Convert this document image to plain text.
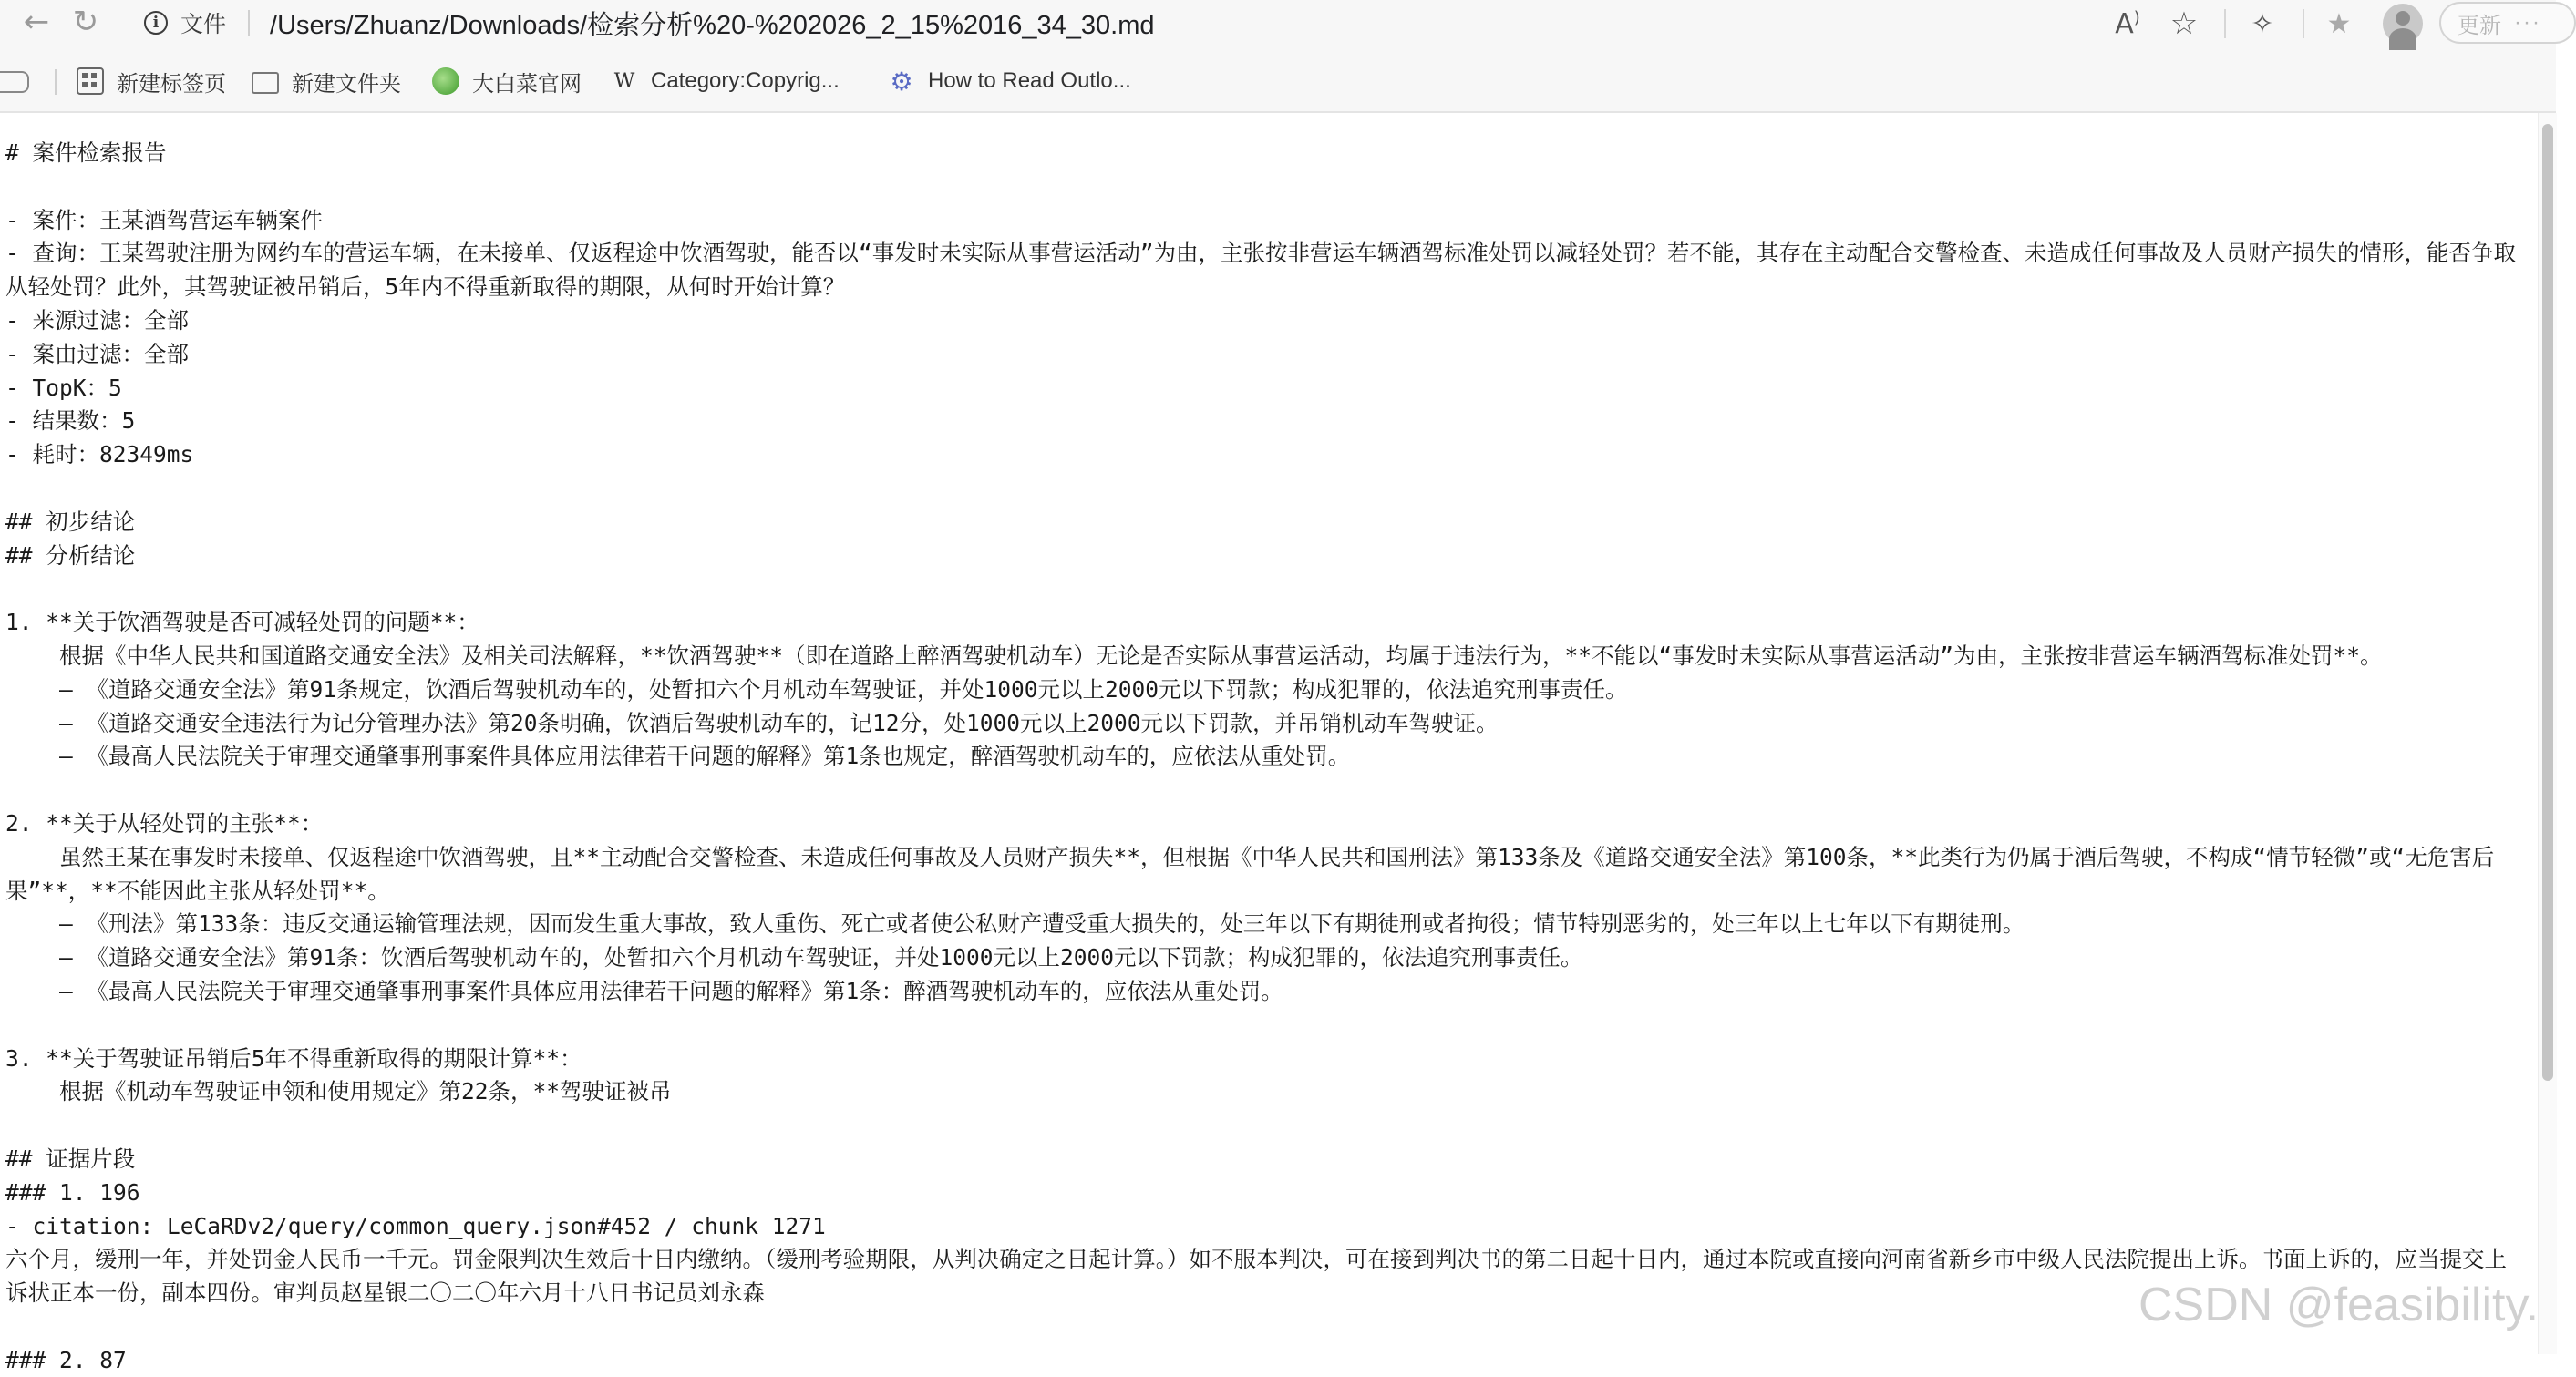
← ↻	i 文件 /Users/Zhuanz/Downloads/检索分析%20-%202026_2_15%2016_34_30.md	A ) ☆	✧	★	更新 ···
新建标签页	新建文件夹	大白菜官网 W Category:Copyrig... ⚙ How to Read Outlo...
# 案件检索报告
- 案件：王某酒驾营运车辆案件
- 查询：王某驾驶注册为网约车的营运车辆，在未接单、仅返程途中饮酒驾驶，能否以“事发时未实际从事营运活动”为由，主张按非营运车辆酒驾标准处罚以减轻处罚？若不能，其存在主动配合交警检查、未造成任何事故及人员财产损失的情形，能否争取从轻处罚？此外，其驾驶证被吊销后，5年内不得重新取得的期限，从何时开始计算？
- 来源过滤：全部
- 案由过滤：全部
- TopK：5
- 结果数：5
- 耗时：82349ms
## 初步结论
## 分析结论
1. **关于饮酒驾驶是否可减轻处罚的问题**：
根据《中华人民共和国道路交通安全法》及相关司法解释，**饮酒驾驶**（即在道路上醉酒驾驶机动车）无论是否实际从事营运活动，均属于违法行为，**不能以“事发时未实际从事营运活动”为由，主张按非营运车辆酒驾标准处罚**。
– 《道路交通安全法》第91条规定，饮酒后驾驶机动车的，处暂扣六个月机动车驾驶证，并处1000元以上2000元以下罚款；构成犯罪的，依法追究刑事责任。
– 《道路交通安全违法行为记分管理办法》第20条明确，饮酒后驾驶机动车的，记12分，处1000元以上2000元以下罚款，并吊销机动车驾驶证。
– 《最高人民法院关于审理交通肇事刑事案件具体应用法律若干问题的解释》第1条也规定，醉酒驾驶机动车的，应依法从重处罚。
2. **关于从轻处罚的主张**：
虽然王某在事发时未接单、仅返程途中饮酒驾驶，且**主动配合交警检查、未造成任何事故及人员财产损失**，但根据《中华人民共和国刑法》第133条及《道路交通安全法》第100条，**此类行为仍属于酒后驾驶，不构成“情节轻微”或“无危害后果”**，**不能因此主张从轻处罚**。
– 《刑法》第133条：违反交通运输管理法规，因而发生重大事故，致人重伤、死亡或者使公私财产遭受重大损失的，处三年以下有期徒刑或者拘役；情节特别恶劣的，处三年以上七年以下有期徒刑。
– 《道路交通安全法》第91条：饮酒后驾驶机动车的，处暂扣六个月机动车驾驶证，并处1000元以上2000元以下罚款；构成犯罪的，依法追究刑事责任。
– 《最高人民法院关于审理交通肇事刑事案件具体应用法律若干问题的解释》第1条：醉酒驾驶机动车的，应依法从重处罚。
3. **关于驾驶证吊销后5年不得重新取得的期限计算**：
根据《机动车驾驶证申领和使用规定》第22条，**驾驶证被吊
## 证据片段
### 1. 196
- citation: LeCaRDv2/query/common_query.json#452 / chunk 1271
六个月，缓刑一年，并处罚金人民币一千元。罚金限判决生效后十日内缴纳。（缓刑考验期限，从判决确定之日起计算。）如不服本判决，可在接到判决书的第二日起十日内，通过本院或直接向河南省新乡市中级人民法院提出上诉。书面上诉的，应当提交上诉状正本一份，副本四份。审判员赵星银二〇二〇年六月十八日书记员刘永森
### 2. 87
CSDN @feasibility.
